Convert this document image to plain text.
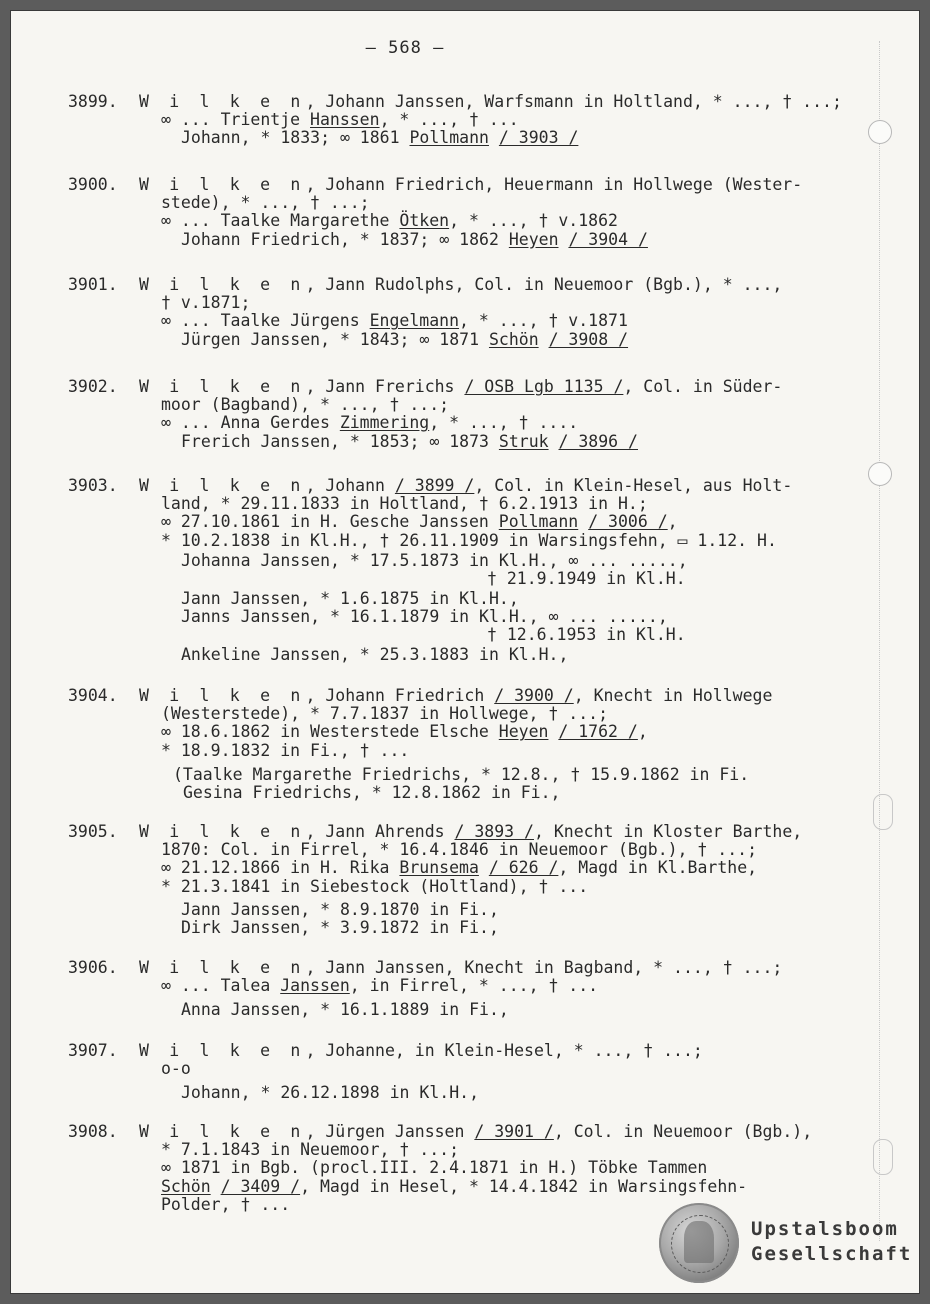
— 568 —
3899. W i l k e n, Johann Janssen, Warfsmann in Holtland, * ..., † ...;
∞ ... Trientje Hanssen, * ..., † ...
Johann, * 1833; ∞ 1861 Pollmann / 3903 /
3900. W i l k e n, Johann Friedrich, Heuermann in Hollwege (Wester-
stede), * ..., † ...;
∞ ... Taalke Margarethe Ötken, * ..., † v.1862
Johann Friedrich, * 1837; ∞ 1862 Heyen / 3904 /
3901. W i l k e n, Jann Rudolphs, Col. in Neuemoor (Bgb.), * ...,
† v.1871;
∞ ... Taalke Jürgens Engelmann, * ..., † v.1871
Jürgen Janssen, * 1843; ∞ 1871 Schön / 3908 /
3902. W i l k e n, Jann Frerichs / OSB Lgb 1135 /, Col. in Süder-
moor (Bagband), * ..., † ...;
∞ ... Anna Gerdes Zimmering, * ..., † ....
Frerich Janssen, * 1853; ∞ 1873 Struk / 3896 /
3903. W i l k e n, Johann / 3899 /, Col. in Klein-Hesel, aus Holt-
land, * 29.11.1833 in Holtland, † 6.2.1913 in H.;
∞ 27.10.1861 in H. Gesche Janssen Pollmann / 3006 /,
* 10.2.1838 in Kl.H., † 26.11.1909 in Warsingsfehn, ▭ 1.12. H.
Johanna Janssen, * 17.5.1873 in Kl.H., ∞ ... .....,
† 21.9.1949 in Kl.H.
Jann Janssen, * 1.6.1875 in Kl.H.,
Janns Janssen, * 16.1.1879 in Kl.H., ∞ ... .....,
† 12.6.1953 in Kl.H.
Ankeline Janssen, * 25.3.1883 in Kl.H.,
3904. W i l k e n, Johann Friedrich / 3900 /, Knecht in Hollwege
(Westerstede), * 7.7.1837 in Hollwege, † ...;
∞ 18.6.1862 in Westerstede Elsche Heyen / 1762 /,
* 18.9.1832 in Fi., † ...
(Taalke Margarethe Friedrichs, * 12.8., † 15.9.1862 in Fi.
Gesina Friedrichs, * 12.8.1862 in Fi.,
3905. W i l k e n, Jann Ahrends / 3893 /, Knecht in Kloster Barthe,
1870: Col. in Firrel, * 16.4.1846 in Neuemoor (Bgb.), † ...;
∞ 21.12.1866 in H. Rika Brunsema / 626 /, Magd in Kl.Barthe,
* 21.3.1841 in Siebestock (Holtland), † ...
Jann Janssen, * 8.9.1870 in Fi.,
Dirk Janssen, * 3.9.1872 in Fi.,
3906. W i l k e n, Jann Janssen, Knecht in Bagband, * ..., † ...;
∞ ... Talea Janssen, in Firrel, * ..., † ...
Anna Janssen, * 16.1.1889 in Fi.,
3907. W i l k e n, Johanne, in Klein-Hesel, * ..., † ...;
o-o
Johann, * 26.12.1898 in Kl.H.,
3908. W i l k e n, Jürgen Janssen / 3901 /, Col. in Neuemoor (Bgb.),
* 7.1.1843 in Neuemoor, † ...;
∞ 1871 in Bgb. (procl.III. 2.4.1871 in H.) Töbke Tammen
Schön / 3409 /, Magd in Hesel, * 14.4.1842 in Warsingsfehn-
Polder, † ...
Upstalsboom
Gesellschaft
